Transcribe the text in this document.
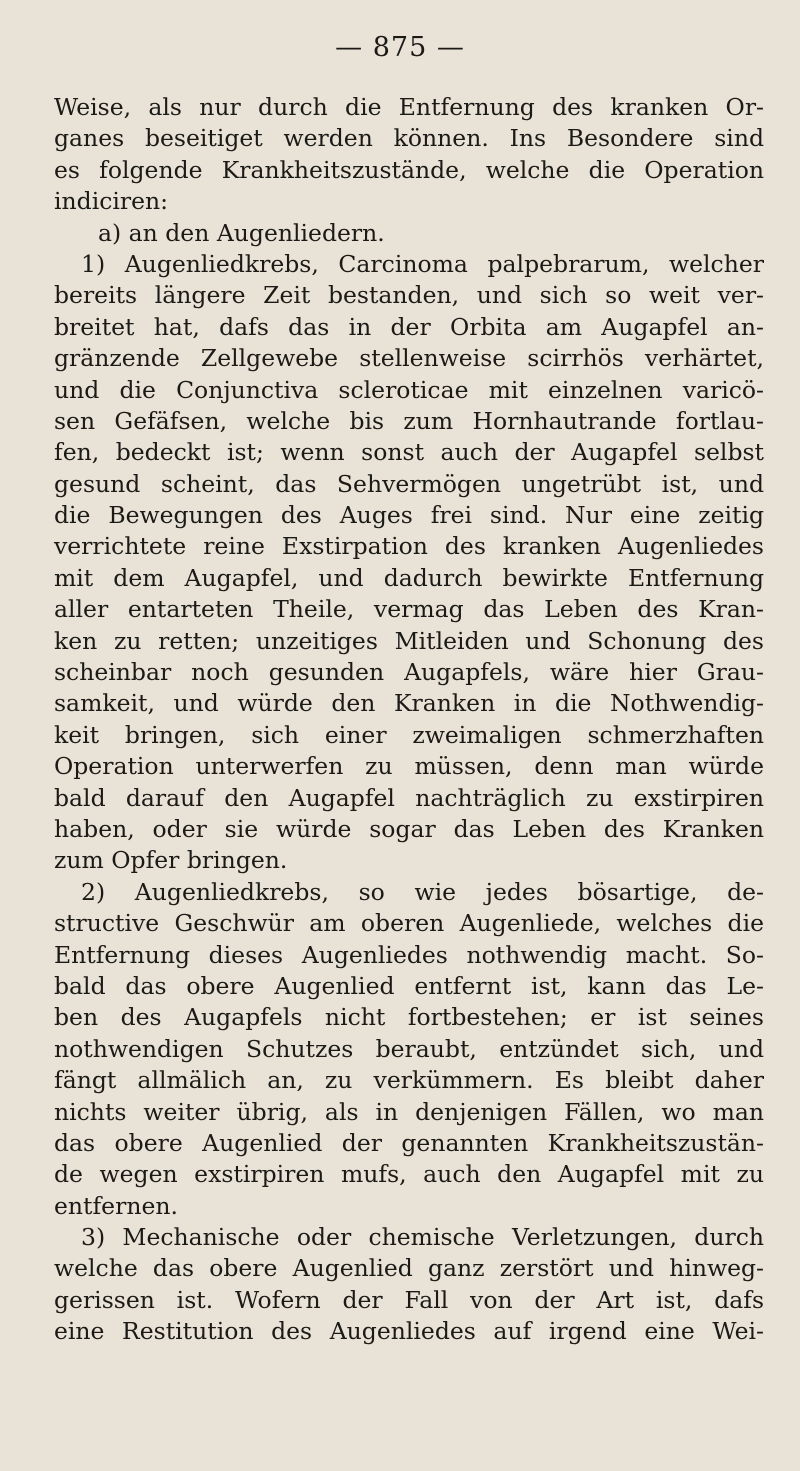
— 875 —
Weise, als nur durch die Entfernung des kranken Or-
ganes beseitiget werden können. Ins Besondere sind
es folgende Krankheitszustände, welche die Operation
indiciren:
a) an den Augenliedern.
1) Augenliedkrebs, Carcinoma palpebrarum, welcher
bereits längere Zeit bestanden, und sich so weit ver-
breitet hat, dafs das in der Orbita am Augapfel an-
gränzende Zellgewebe stellenweise scirrhös verhärtet,
und die Conjunctiva scleroticae mit einzelnen varicö-
sen Gefäfsen, welche bis zum Hornhautrande fortlau-
fen, bedeckt ist; wenn sonst auch der Augapfel selbst
gesund scheint, das Sehvermögen ungetrübt ist, und
die Bewegungen des Auges frei sind. Nur eine zeitig
verrichtete reine Exstirpation des kranken Augenliedes
mit dem Augapfel, und dadurch bewirkte Entfernung
aller entarteten Theile, vermag das Leben des Kran-
ken zu retten; unzeitiges Mitleiden und Schonung des
scheinbar noch gesunden Augapfels, wäre hier Grau-
samkeit, und würde den Kranken in die Nothwendig-
keit bringen, sich einer zweimaligen schmerzhaften
Operation unterwerfen zu müssen, denn man würde
bald darauf den Augapfel nachträglich zu exstirpiren
haben, oder sie würde sogar das Leben des Kranken
zum Opfer bringen.
2) Augenliedkrebs, so wie jedes bösartige, de-
structive Geschwür am oberen Augenliede, welches die
Entfernung dieses Augenliedes nothwendig macht. So-
bald das obere Augenlied entfernt ist, kann das Le-
ben des Augapfels nicht fortbestehen; er ist seines
nothwendigen Schutzes beraubt, entzündet sich, und
fängt allmälich an, zu verkümmern. Es bleibt daher
nichts weiter übrig, als in denjenigen Fällen, wo man
das obere Augenlied der genannten Krankheitszustän-
de wegen exstirpiren mufs, auch den Augapfel mit zu
entfernen.
3) Mechanische oder chemische Verletzungen, durch
welche das obere Augenlied ganz zerstört und hinweg-
gerissen ist. Wofern der Fall von der Art ist, dafs
eine Restitution des Augenliedes auf irgend eine Wei-
